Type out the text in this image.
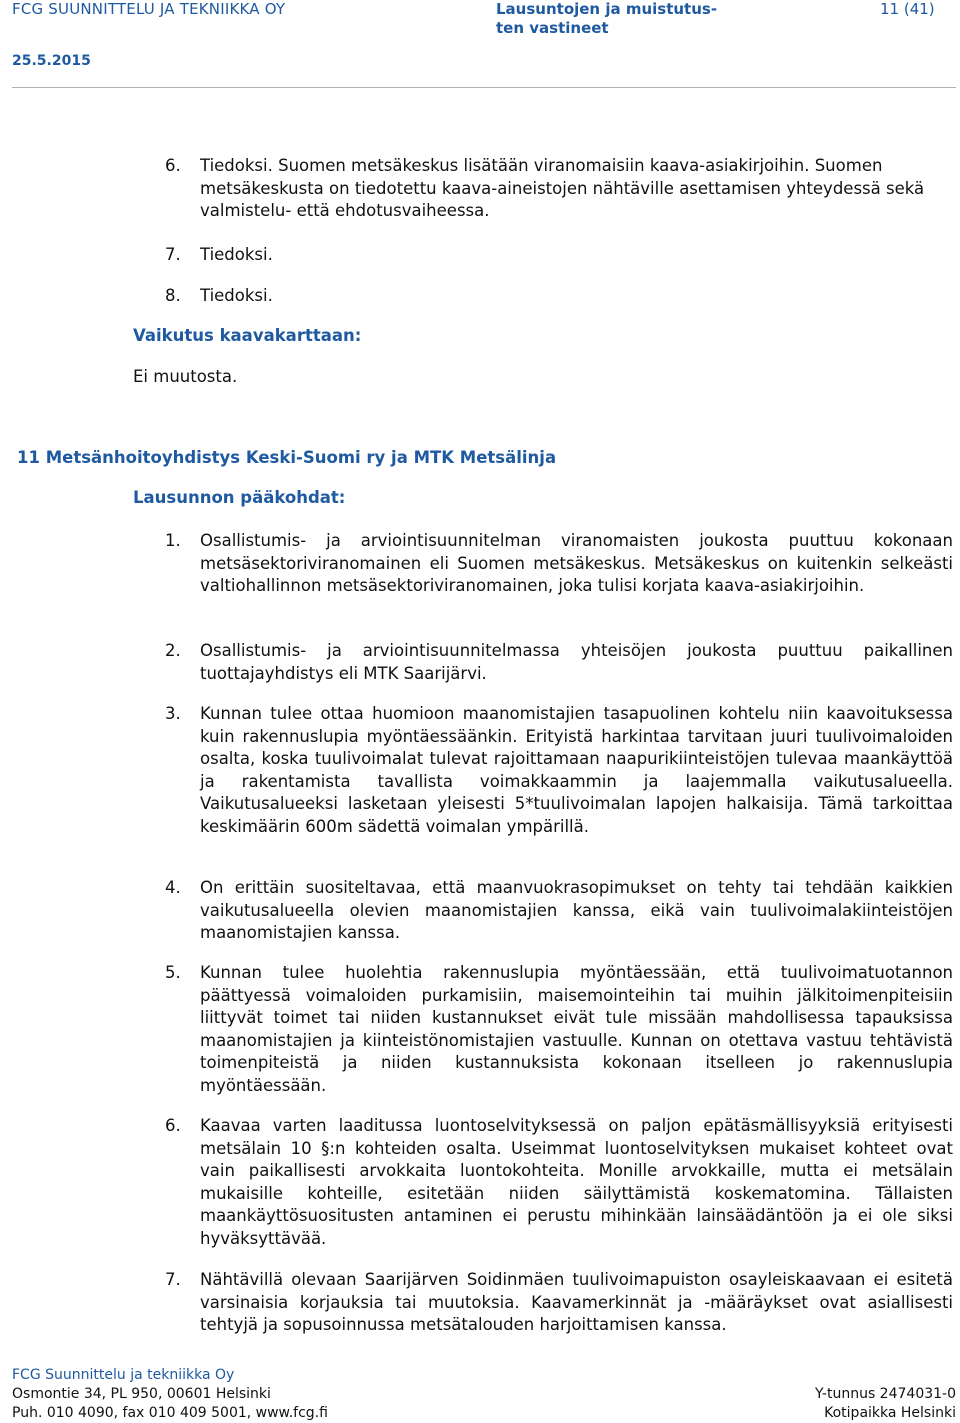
FCG SUUNNITTELU JA TEKNIIKKA OY	Lausuntojen ja muistutus-
ten vastineet
11 (41)
25.5.2015
6. Tiedoksi. Suomen metsäkeskus lisätään viranomaisiin kaava-asiakirjoihin. Suomen metsäkeskusta on tiedotettu kaava-aineistojen nähtäville asettamisen yhteydessä sekä valmistelu- että ehdotusvaiheessa.
7. Tiedoksi.
8. Tiedoksi.
Vaikutus kaavakarttaan:
Ei muutosta.
11 Metsänhoitoyhdistys Keski-Suomi ry ja MTK Metsälinja
Lausunnon pääkohdat:
1. Osallistumis- ja arviointisuunnitelman viranomaisten joukosta puuttuu kokonaan metsäsektoriviranomainen eli Suomen metsäkeskus. Metsäkeskus on kuitenkin selkeästi valtiohallinnon metsäsektoriviranomainen, joka tulisi korjata kaava-asiakirjoihin.
2. Osallistumis- ja arviointisuunnitelmassa yhteisöjen joukosta puuttuu paikallinen tuottajayhdistys eli MTK Saarijärvi.
3. Kunnan tulee ottaa huomioon maanomistajien tasapuolinen kohtelu niin kaavoituksessa kuin rakennuslupia myöntäessäänkin. Erityistä harkintaa tarvitaan juuri tuulivoimaloiden osalta, koska tuulivoimalat tulevat rajoittamaan naapurikiinteistöjen tulevaa maankäyttöä ja rakentamista tavallista voimakkaammin ja laajemmalla vaikutusalueella. Vaikutusalueeksi lasketaan yleisesti 5*tuulivoimalan lapojen halkaisija. Tämä tarkoittaa keskimäärin 600m sädettä voimalan ympärillä.
4. On erittäin suositeltavaa, että maanvuokrasopimukset on tehty tai tehdään kaikkien vaikutusalueella olevien maanomistajien kanssa, eikä vain tuulivoimalakiinteistöjen maanomistajien kanssa.
5. Kunnan tulee huolehtia rakennuslupia myöntäessään, että tuulivoimatuotannon päättyessä voimaloiden purkamisiin, maisemointeihin tai muihin jälkitoimenpiteisiin liittyvät toimet tai niiden kustannukset eivät tule missään mahdollisessa tapauksissa maanomistajien ja kiinteistönomistajien vastuulle. Kunnan on otettava vastuu tehtävistä toimenpiteistä ja niiden kustannuksista kokonaan itselleen jo rakennuslupia myöntäessään.
6. Kaavaa varten laaditussa luontoselvityksessä on paljon epätäsmällisyyksiä erityisesti metsälain 10 §:n kohteiden osalta. Useimmat luontoselvityksen mukaiset kohteet ovat vain paikallisesti arvokkaita luontokohteita. Monille arvokkaille, mutta ei metsälain mukaisille kohteille, esitetään niiden säilyttämistä koskematomina. Tällaisten maankäyttösuositusten antaminen ei perustu mihinkään lainsäädäntöön ja ei ole siksi hyväksyttävää.
7. Nähtävillä olevaan Saarijärven Soidinmäen tuulivoimapuiston osayleiskaavaan ei esitetä varsinaisia korjauksia tai muutoksia. Kaavamerkinnät ja -määräykset ovat asiallisesti tehtyjä ja sopusoinnussa metsätalouden harjoittamisen kanssa.
FCG Suunnittelu ja tekniikka Oy
Osmontie 34, PL 950, 00601 Helsinki
Puh. 010 4090, fax 010 409 5001, www.fcg.fi
Y-tunnus 2474031-0
Kotipaikka Helsinki
